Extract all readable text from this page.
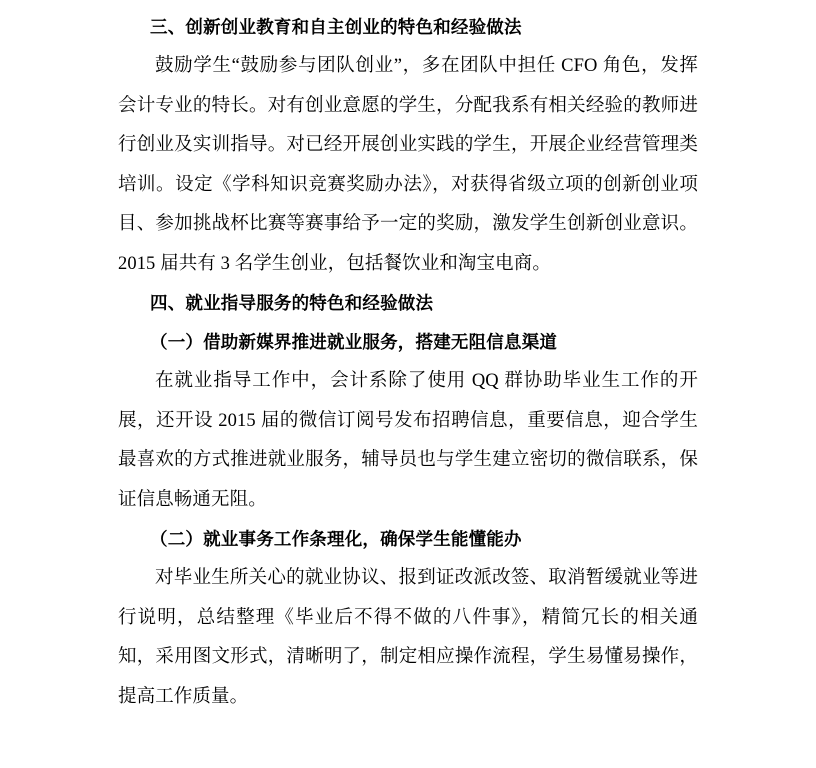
三、创新创业教育和自主创业的特色和经验做法
鼓励学生“鼓励参与团队创业”，多在团队中担任 CFO 角色，发挥会计专业的特长。对有创业意愿的学生，分配我系有相关经验的教师进行创业及实训指导。对已经开展创业实践的学生，开展企业经营管理类培训。设定《学科知识竞赛奖励办法》，对获得省级立项的创新创业项目、参加挑战杯比赛等赛事给予一定的奖励，激发学生创新创业意识。2015 届共有 3 名学生创业，包括餐饮业和淘宝电商。
四、就业指导服务的特色和经验做法
（一）借助新媒界推进就业服务，搭建无阻信息渠道
在就业指导工作中，会计系除了使用 QQ 群协助毕业生工作的开展，还开设 2015 届的微信订阅号发布招聘信息，重要信息，迎合学生最喜欢的方式推进就业服务，辅导员也与学生建立密切的微信联系，保证信息畅通无阻。
（二）就业事务工作条理化，确保学生能懂能办
对毕业生所关心的就业协议、报到证改派改签、取消暂缓就业等进行说明，总结整理《毕业后不得不做的八件事》，精简冗长的相关通知，采用图文形式，清晰明了，制定相应操作流程，学生易懂易操作，提高工作质量。
